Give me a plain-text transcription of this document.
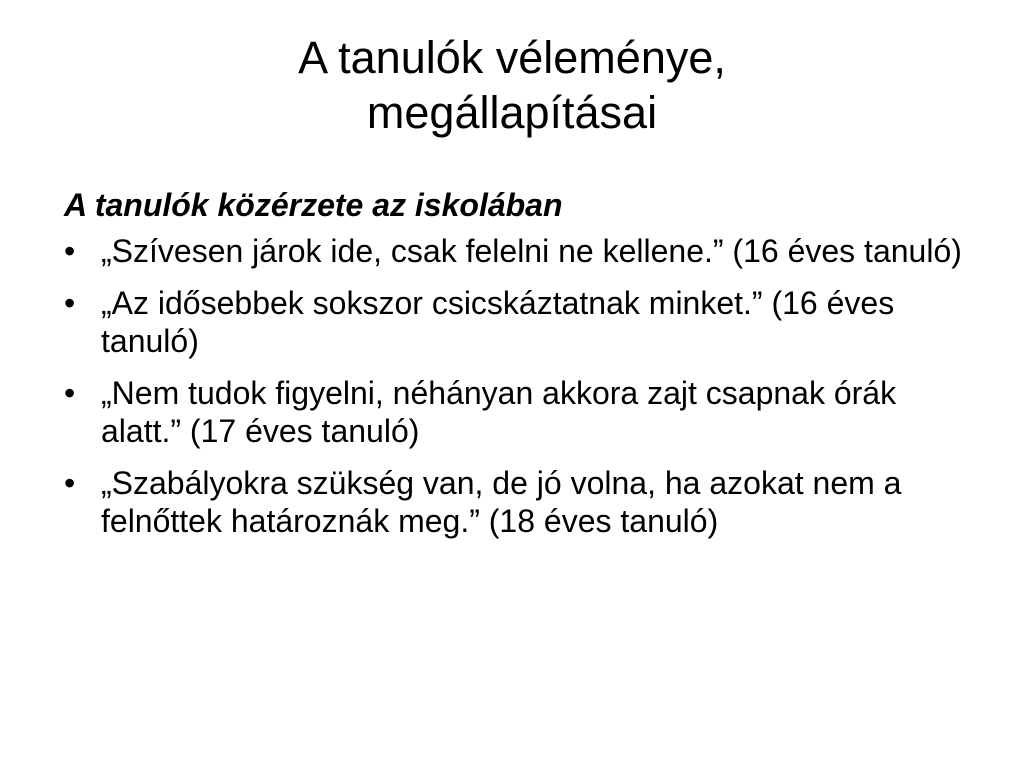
A tanulók véleménye,
megállapításai

A tanulók közérzete az iskolában

• „Szívesen járok ide, csak felelni ne kellene.” (16 éves tanuló)
• „Az idősebbek sokszor csicskáztatnak minket.” (16 éves tanuló)
• „Nem tudok figyelni, néhányan akkora zajt csapnak órák alatt.” (17 éves tanuló)
• „Szabályokra szükség van, de jó volna, ha azokat nem a felnőttek határoznák meg.” (18 éves tanuló)
